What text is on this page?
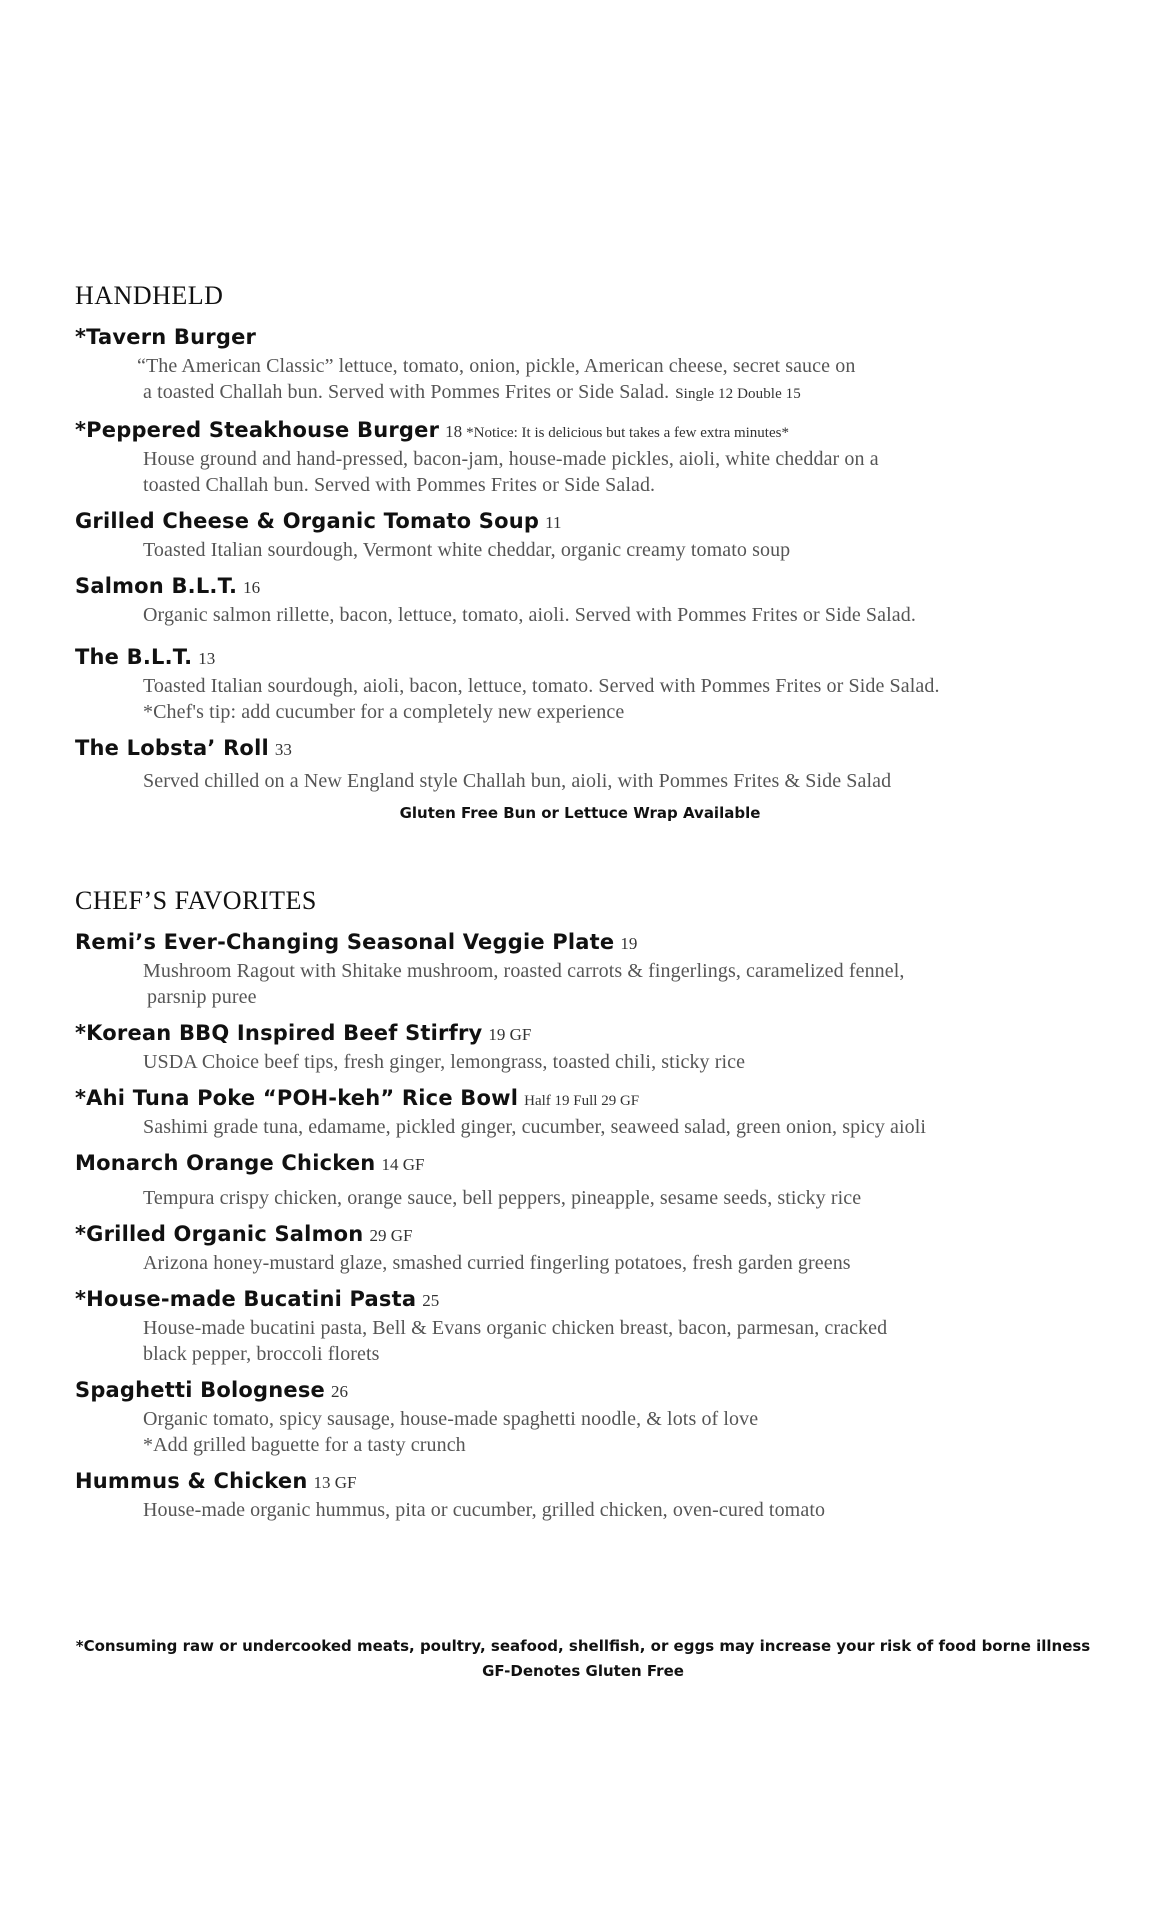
HANDHELD
*Tavern Burger
“The American Classic” lettuce, tomato, onion, pickle, American cheese, secret sauce on
a toasted Challah bun. Served with Pommes Frites or Side Salad. Single 12 Double 15
*Peppered Steakhouse Burger 18 *Notice: It is delicious but takes a few extra minutes*
House ground and hand-pressed, bacon-jam, house-made pickles, aioli, white cheddar on a
toasted Challah bun. Served with Pommes Frites or Side Salad.
Grilled Cheese & Organic Tomato Soup 11
Toasted Italian sourdough, Vermont white cheddar, organic creamy tomato soup
Salmon B.L.T. 16
Organic salmon rillette, bacon, lettuce, tomato, aioli. Served with Pommes Frites or Side Salad.
The B.L.T. 13
Toasted Italian sourdough, aioli, bacon, lettuce, tomato. Served with Pommes Frites or Side Salad.
*Chef's tip: add cucumber for a completely new experience
The Lobsta’ Roll 33
Served chilled on a New England style Challah bun, aioli, with Pommes Frites & Side Salad
Gluten Free Bun or Lettuce Wrap Available
CHEF’S FAVORITES
Remi’s Ever-Changing Seasonal Veggie Plate 19
Mushroom Ragout with Shitake mushroom, roasted carrots & fingerlings, caramelized fennel,
parsnip puree
*Korean BBQ Inspired Beef Stirfry 19 GF
USDA Choice beef tips, fresh ginger, lemongrass, toasted chili, sticky rice
*Ahi Tuna Poke “POH-keh” Rice Bowl Half 19 Full 29 GF
Sashimi grade tuna, edamame, pickled ginger, cucumber, seaweed salad, green onion, spicy aioli
Monarch Orange Chicken 14 GF
Tempura crispy chicken, orange sauce, bell peppers, pineapple, sesame seeds, sticky rice
*Grilled Organic Salmon 29 GF
Arizona honey-mustard glaze, smashed curried fingerling potatoes, fresh garden greens
*House-made Bucatini Pasta 25
House-made bucatini pasta, Bell & Evans organic chicken breast, bacon, parmesan, cracked
black pepper, broccoli florets
Spaghetti Bolognese 26
Organic tomato, spicy sausage, house-made spaghetti noodle, & lots of love
*Add grilled baguette for a tasty crunch
Hummus & Chicken 13 GF
House-made organic hummus, pita or cucumber, grilled chicken, oven-cured tomato
*Consuming raw or undercooked meats, poultry, seafood, shellfish, or eggs may increase your risk of food borne illness
GF-Denotes Gluten Free
